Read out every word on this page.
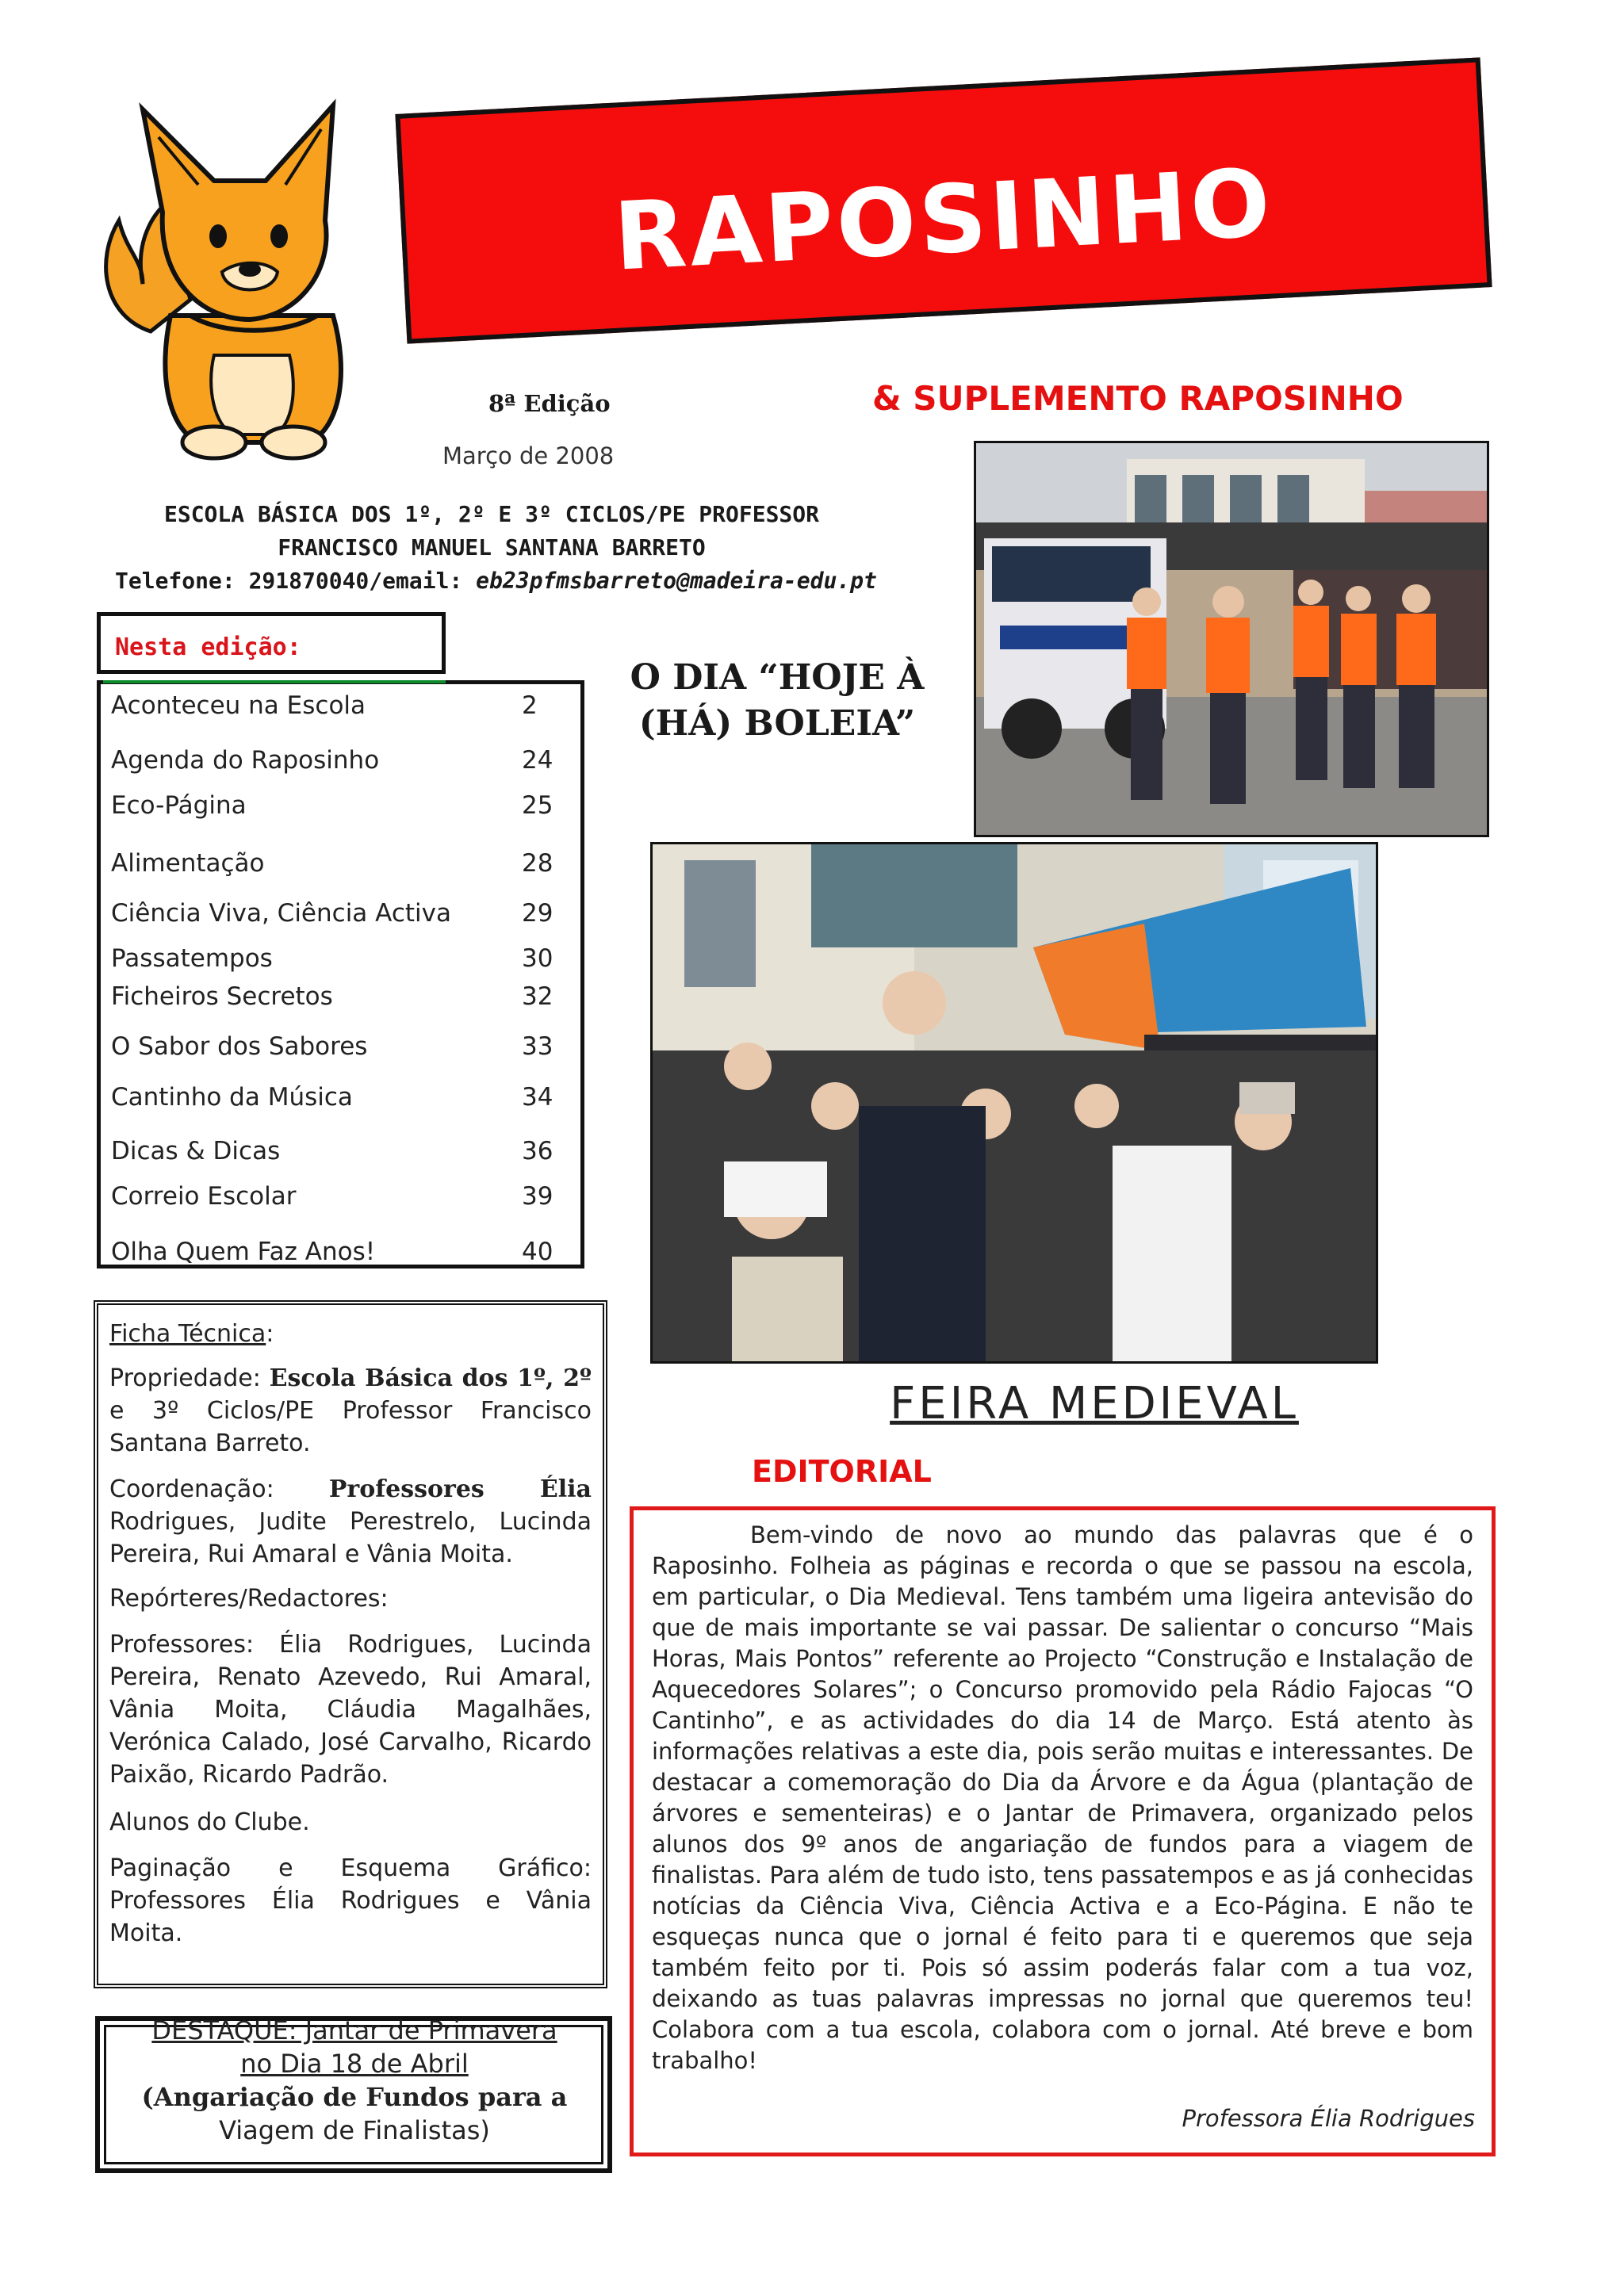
RAPOSINHO
8ª Edição
Março de 2008
& SUPLEMENTO RAPOSINHO
ESCOLA BÁSICA DOS 1º, 2º E 3º CICLOS/PE PROFESSOR
FRANCISCO MANUEL SANTANA BARRETO
Telefone: 291870040/email: eb23pfmsbarreto@madeira-edu.pt
Nesta edição:
Aconteceu na Escola	2
Agenda do Raposinho	24
Eco-Página	25
Alimentação	28
Ciência Viva, Ciência Activa	29
Passatempos	30
Ficheiros Secretos	32
O Sabor dos Sabores	33
Cantinho da Música	34
Dicas & Dicas	36
Correio Escolar	39
Olha Quem Faz Anos!	40
Ficha Técnica:
Propriedade: Escola Básica dos 1º, 2º e 3º Ciclos/PE Professor Francisco Santana Barreto.
Coordenação: Professores Élia Rodrigues, Judite Perestrelo, Lucinda Pereira, Rui Amaral e Vânia Moita.
Repórteres/Redactores:
Professores: Élia Rodrigues, Lucinda Pereira, Renato Azevedo, Rui Amaral, Vânia Moita, Cláudia Magalhães, Verónica Calado, José Carvalho, Ricardo Paixão, Ricardo Padrão.
Alunos do Clube.
Paginação e Esquema Gráfico: Professores Élia Rodrigues e Vânia Moita.
DESTAQUE: Jantar de Primavera
no Dia 18 de Abril
(Angariação de Fundos para a
Viagem de Finalistas)
O DIA “HOJE À
(HÁ) BOLEIA”
FEIRA MEDIEVAL
EDITORIAL

Bem-vindo de novo ao mundo das palavras que é o Raposinho. Folheia as páginas e recorda o que se passou na escola, em particular, o Dia Medieval. Tens também uma ligeira antevisão do que de mais importante se vai passar. De salientar o concurso “Mais Horas, Mais Pontos” referente ao Projecto “Construção e Instalação de Aquecedores Solares”; o Concurso promovido pela Rádio Fajocas “O Cantinho”, e as actividades do dia 14 de Março. Está atento às informações relativas a este dia, pois serão muitas e interessantes. De destacar a comemoração do Dia da Árvore e da Água (plantação de árvores e sementeiras) e o Jantar de Primavera, organizado pelos alunos dos 9º anos de angariação de fundos para a viagem de finalistas. Para além de tudo isto, tens passatempos e as já conhecidas notícias da Ciência Viva, Ciência Activa e a Eco-Página. E não te esqueças nunca que o jornal é feito para ti e queremos que seja também feito por ti. Pois só assim poderás falar com a tua voz, deixando as tuas palavras impressas no jornal que queremos teu! Colabora com a tua escola, colabora com o jornal. Até breve e bom trabalho!

Professora Élia Rodrigues
